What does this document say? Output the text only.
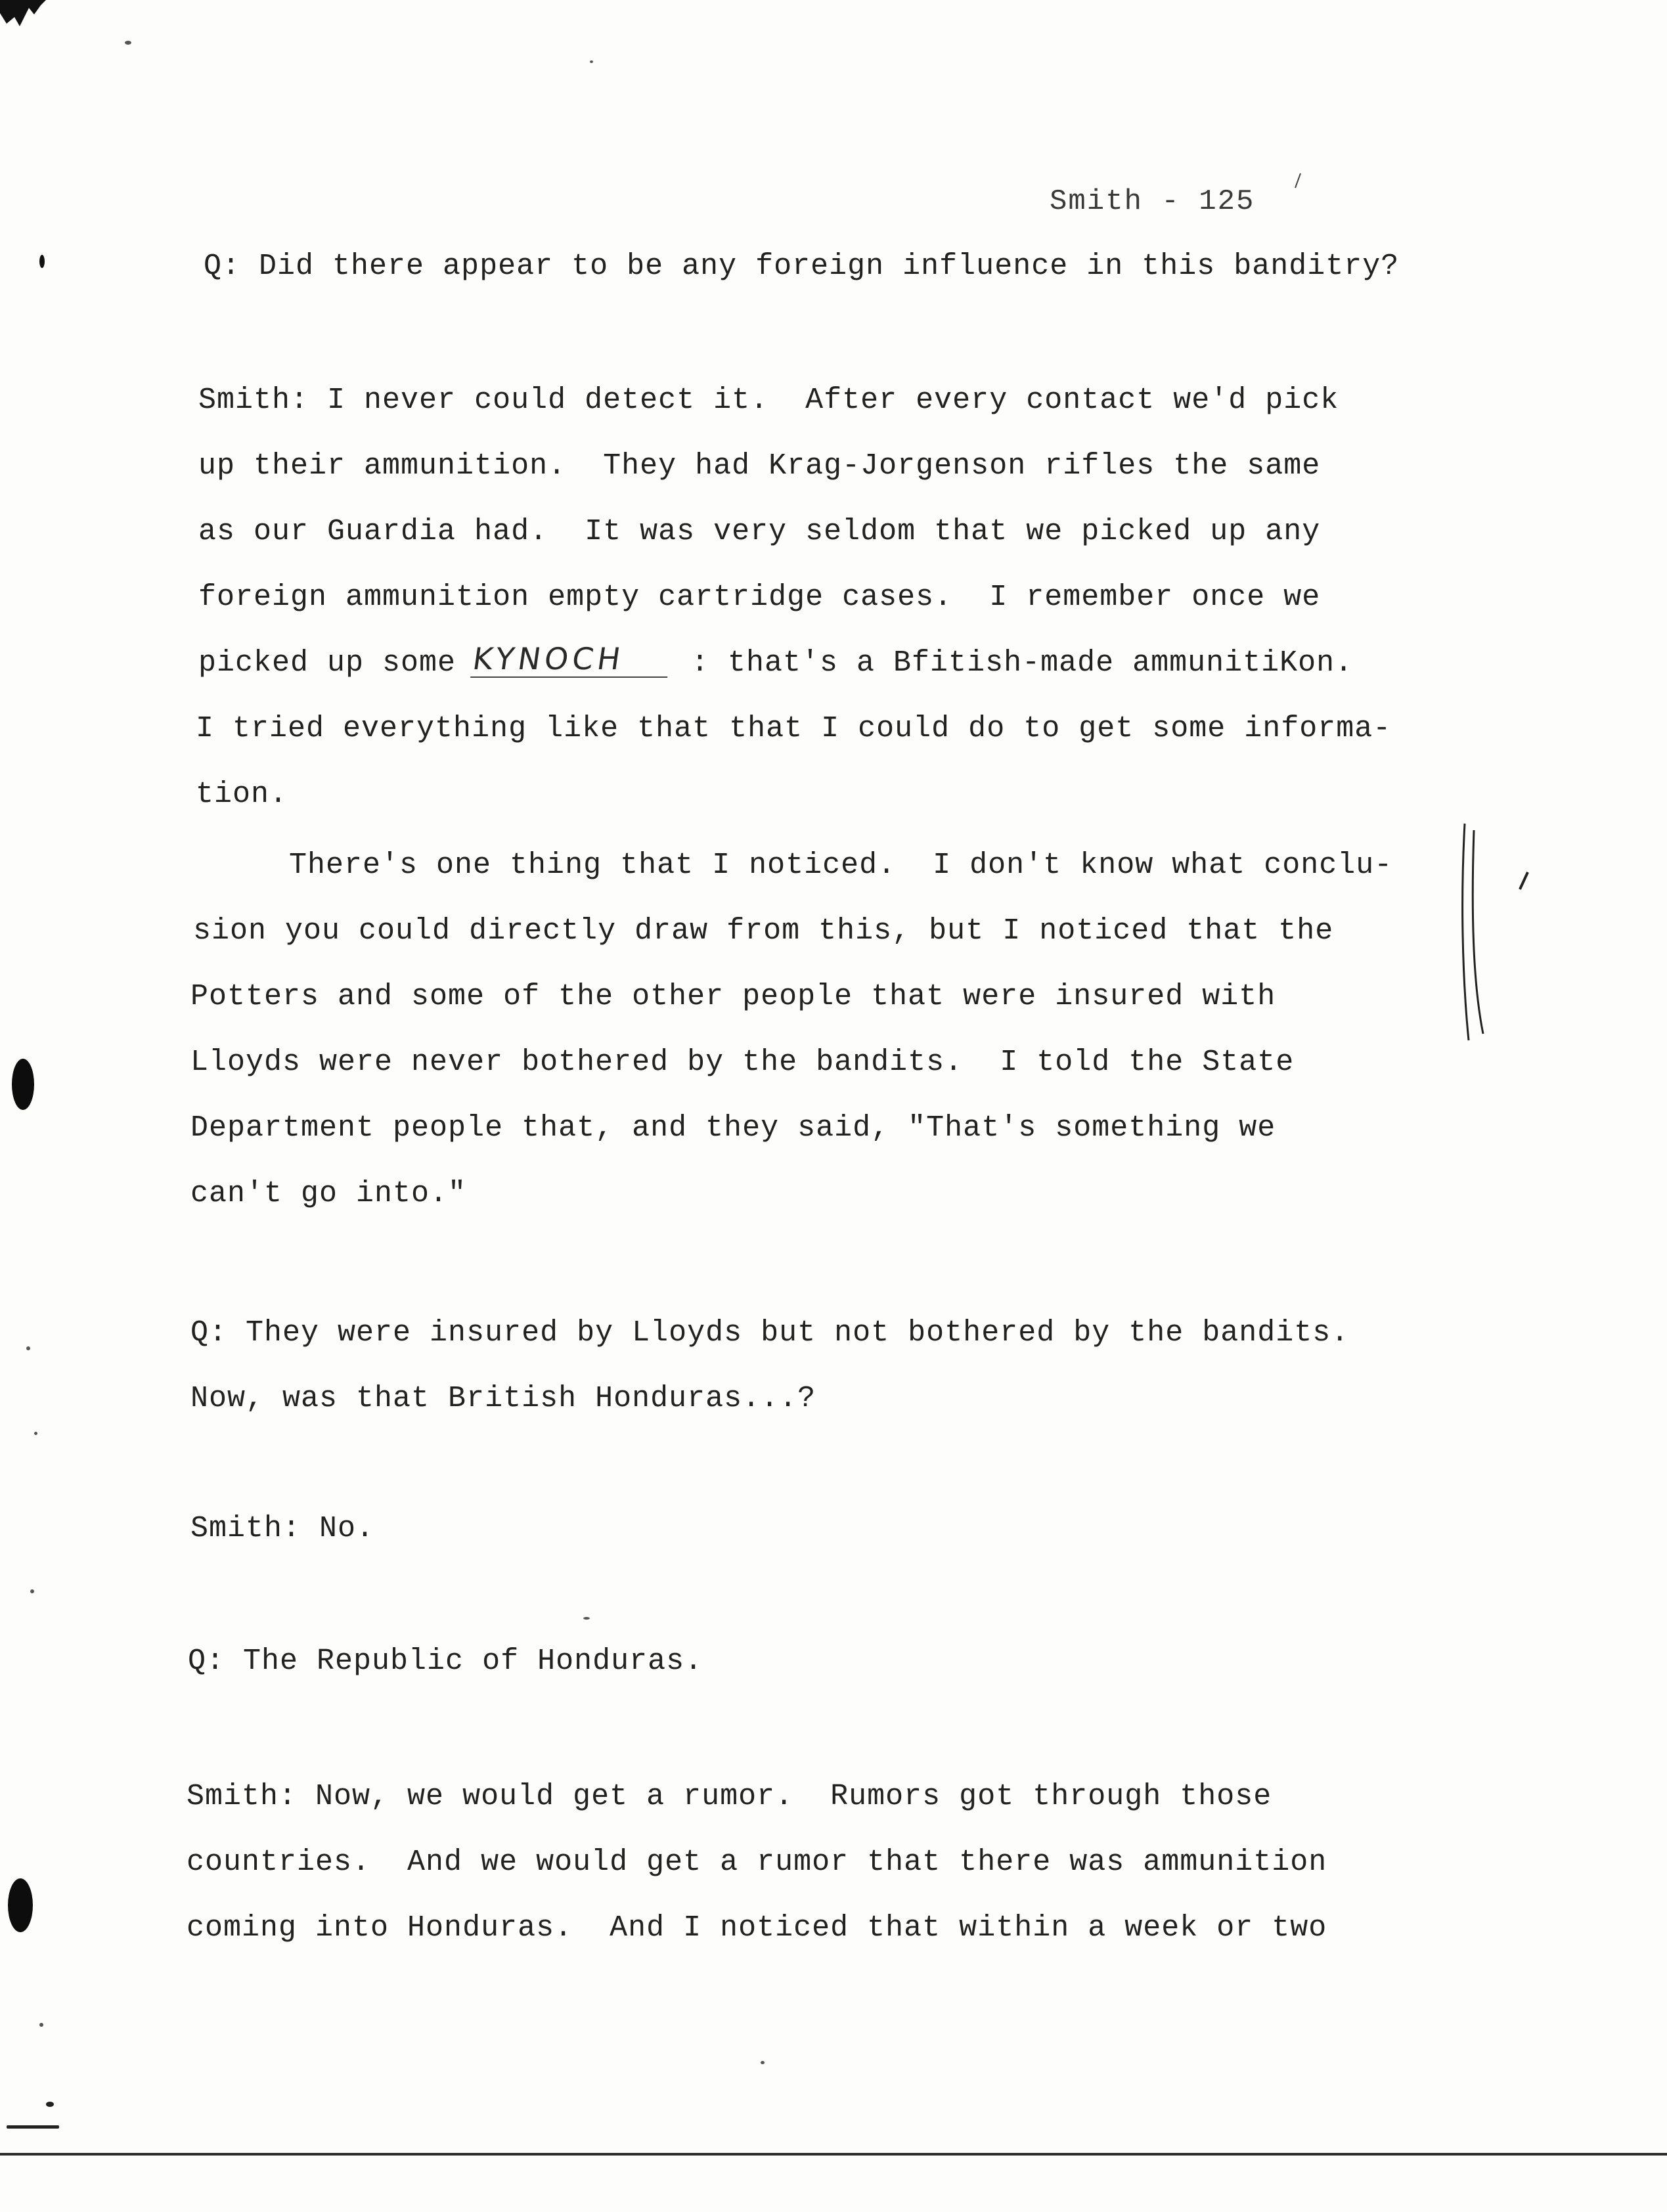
Smith - 125
Q: Did there appear to be any foreign influence in this banditry?
Smith: I never could detect it.  After every contact we'd pick
up their ammunition.  They had Krag-Jorgenson rifles the same
as our Guardia had.  It was very seldom that we picked up any
foreign ammunition empty cartridge cases.  I remember once we
picked up some KYNOCH	: that's a Bfitish-made ammunitiKon.
I tried everything like that that I could do to get some informa-
tion.
There's one thing that I noticed.  I don't know what conclu-
sion you could directly draw from this, but I noticed that the
Potters and some of the other people that were insured with
Lloyds were never bothered by the bandits.  I told the State
Department people that, and they said, "That's something we
can't go into."
Q: They were insured by Lloyds but not bothered by the bandits.
Now, was that British Honduras...?
Smith: No.
Q: The Republic of Honduras.
Smith: Now, we would get a rumor.  Rumors got through those
countries.  And we would get a rumor that there was ammunition
coming into Honduras.  And I noticed that within a week or two
